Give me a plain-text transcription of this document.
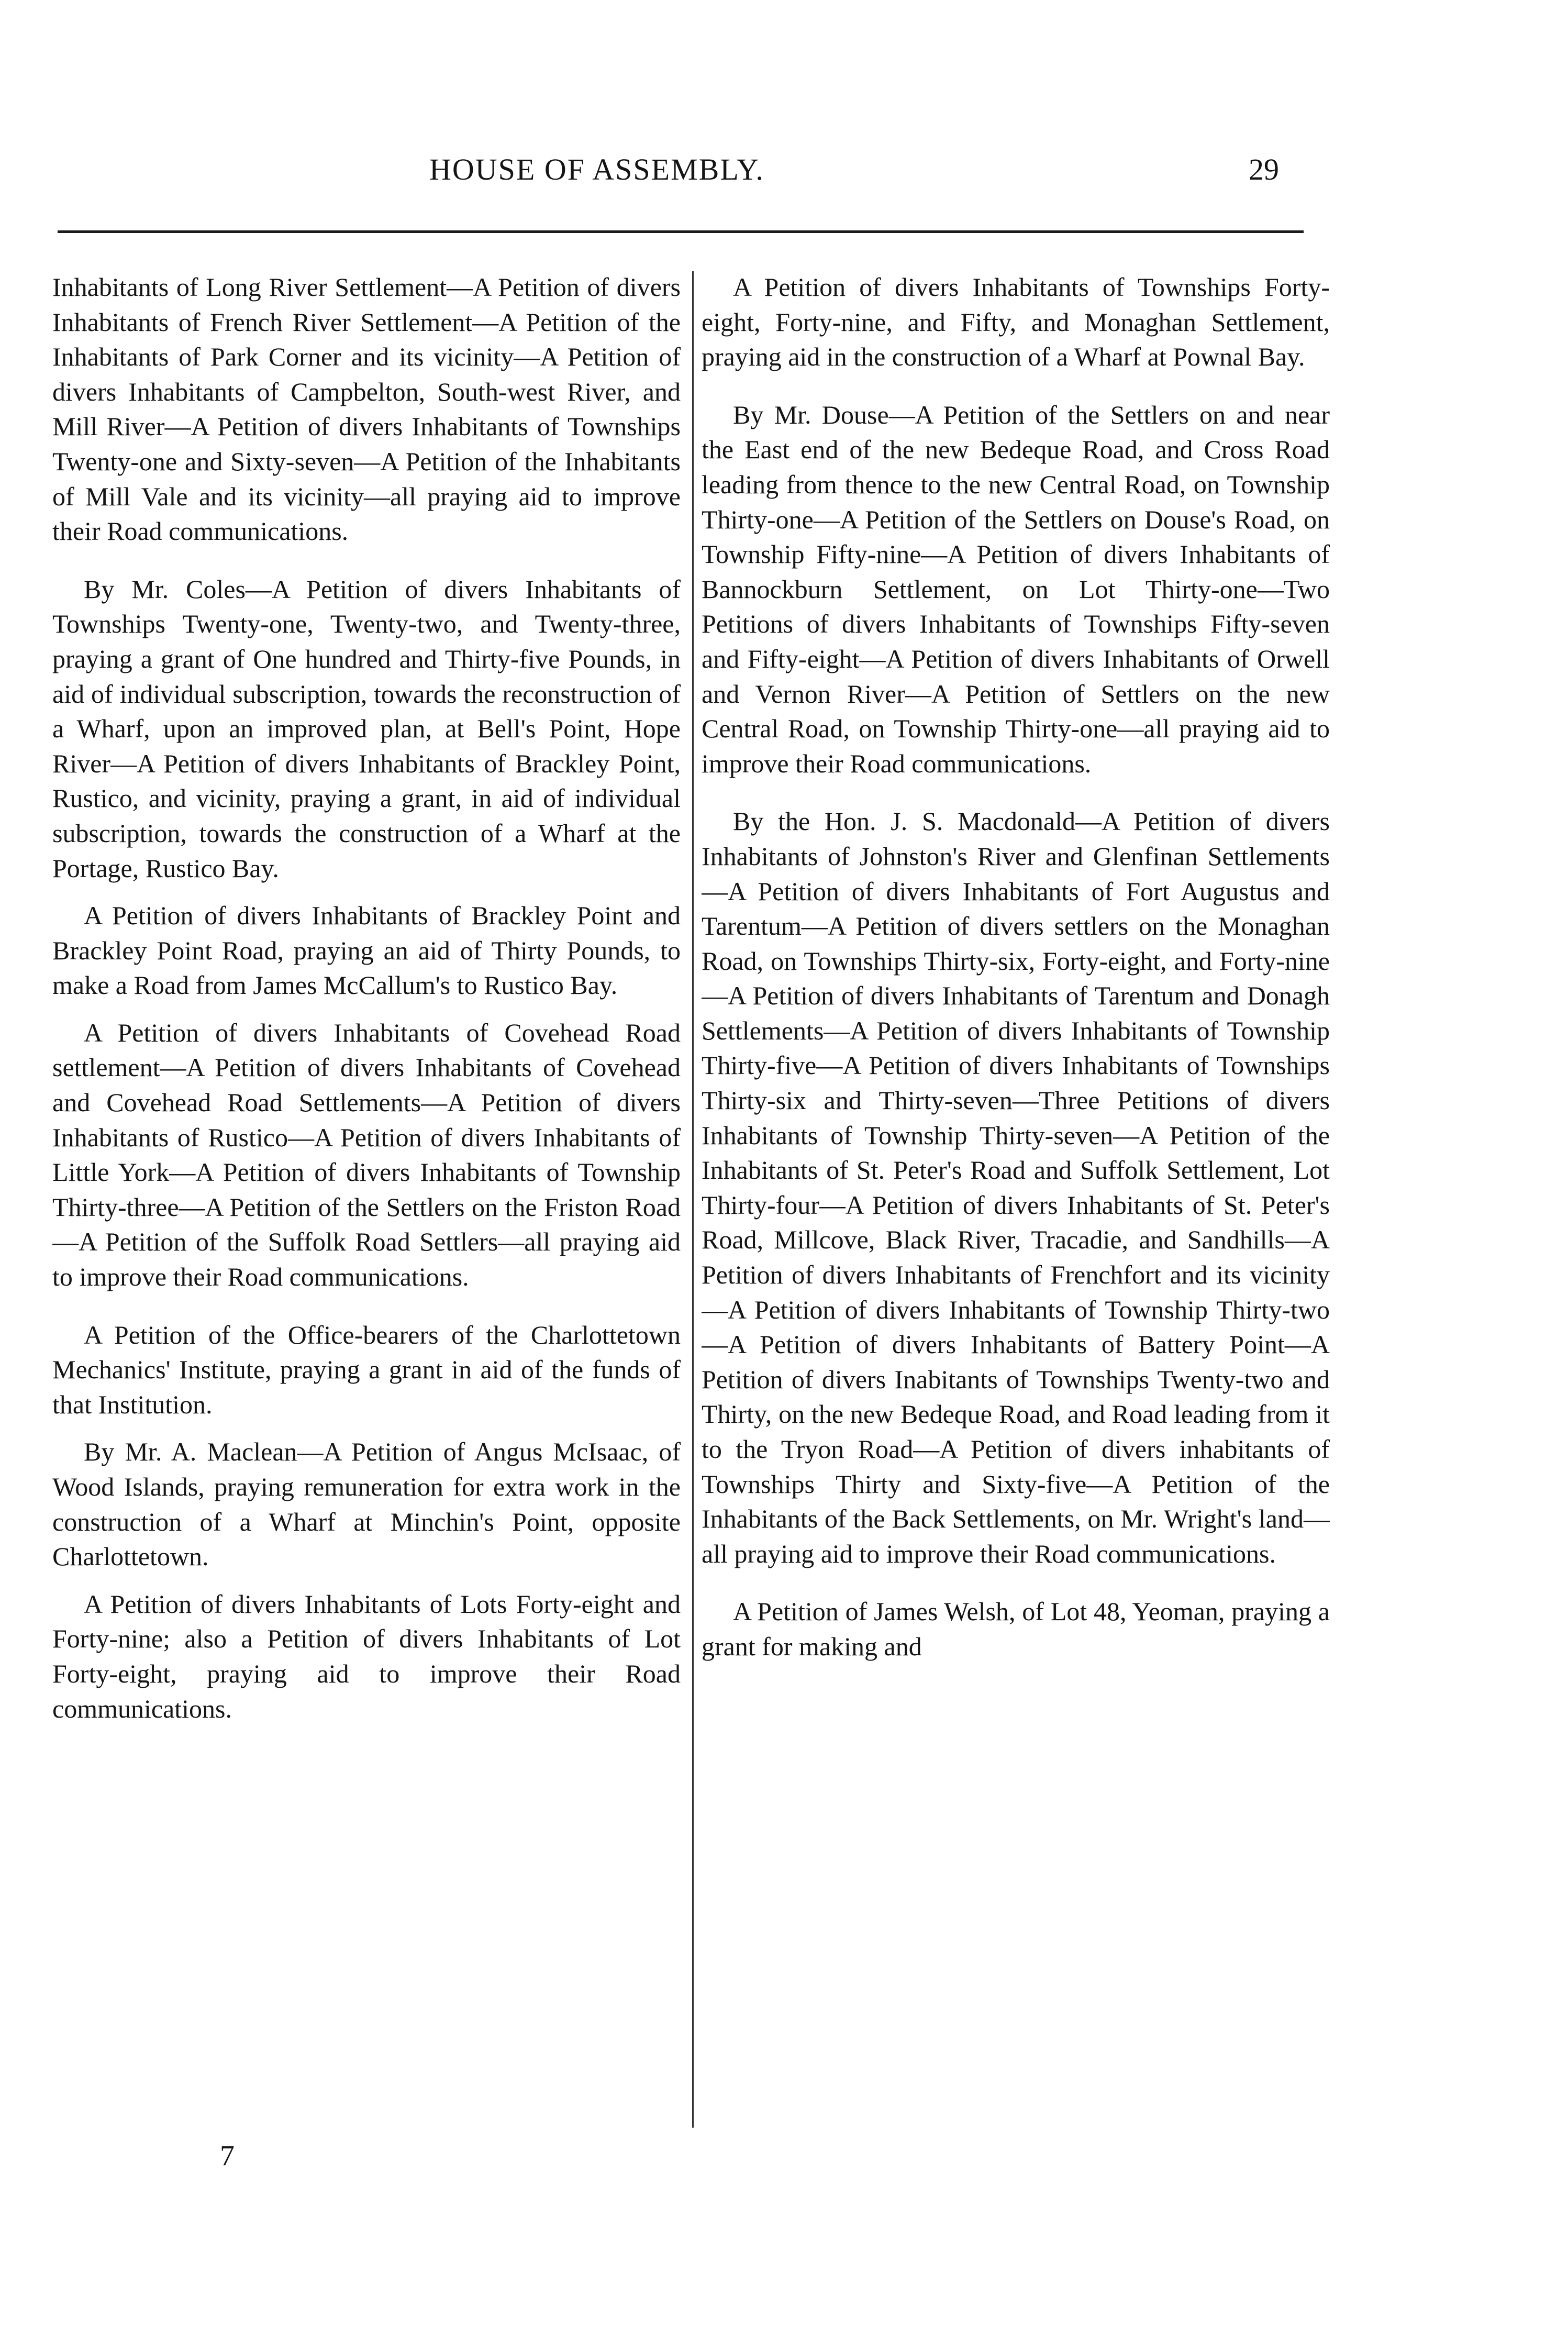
HOUSE OF ASSEMBLY.	29

Inhabitants of Long River Settlement—A Petition of divers Inhabitants of French River Settlement—A Petition of the Inhabitants of Park Corner and its vicinity—A Petition of divers Inhabitants of Campbelton, South-west River, and Mill River—A Petition of divers Inhabitants of Townships Twenty-one and Sixty-seven—A Petition of the Inhabitants of Mill Vale and its vicinity—all praying aid to improve their Road communications.

By Mr. Coles—A Petition of divers Inhabitants of Townships Twenty-one, Twenty-two, and Twenty-three, praying a grant of One hundred and Thirty-five Pounds, in aid of individual subscription, towards the reconstruction of a Wharf, upon an improved plan, at Bell's Point, Hope River—A Petition of divers Inhabitants of Brackley Point, Rustico, and vicinity, praying a grant, in aid of individual subscription, towards the construction of a Wharf at the Portage, Rustico Bay.

A Petition of divers Inhabitants of Brackley Point and Brackley Point Road, praying an aid of Thirty Pounds, to make a Road from James McCallum's to Rustico Bay.

A Petition of divers Inhabitants of Covehead Road settlement—A Petition of divers Inhabitants of Covehead and Covehead Road Settlements—A Petition of divers Inhabitants of Rustico—A Petition of divers Inhabitants of Little York—A Petition of divers Inhabitants of Township Thirty-three—A Petition of the Settlers on the Friston Road—A Petition of the Suffolk Road Settlers—all praying aid to improve their Road communications.

A Petition of the Office-bearers of the Charlottetown Mechanics' Institute, praying a grant in aid of the funds of that Institution.

By Mr. A. Maclean—A Petition of Angus McIsaac, of Wood Islands, praying remuneration for extra work in the construction of a Wharf at Minchin's Point, opposite Charlottetown.

A Petition of divers Inhabitants of Lots Forty-eight and Forty-nine; also a Petition of divers Inhabitants of Lot Forty-eight, praying aid to improve their Road communications.

A Petition of divers Inhabitants of Townships Forty-eight, Forty-nine, and Fifty, and Monaghan Settlement, praying aid in the construction of a Wharf at Pownal Bay.

By Mr. Douse—A Petition of the Settlers on and near the East end of the new Bedeque Road, and Cross Road leading from thence to the new Central Road, on Township Thirty-one—A Petition of the Settlers on Douse's Road, on Township Fifty-nine—A Petition of divers Inhabitants of Bannockburn Settlement, on Lot Thirty-one—Two Petitions of divers Inhabitants of Townships Fifty-seven and Fifty-eight—A Petition of divers Inhabitants of Orwell and Vernon River—A Petition of Settlers on the new Central Road, on Township Thirty-one—all praying aid to improve their Road communications.

By the Hon. J. S. Macdonald—A Petition of divers Inhabitants of Johnston's River and Glenfinan Settlements—A Petition of divers Inhabitants of Fort Augustus and Tarentum—A Petition of divers settlers on the Monaghan Road, on Townships Thirty-six, Forty-eight, and Forty-nine—A Petition of divers Inhabitants of Tarentum and Donagh Settlements—A Petition of divers Inhabitants of Township Thirty-five—A Petition of divers Inhabitants of Townships Thirty-six and Thirty-seven—Three Petitions of divers Inhabitants of Township Thirty-seven—A Petition of the Inhabitants of St. Peter's Road and Suffolk Settlement, Lot Thirty-four—A Petition of divers Inhabitants of St. Peter's Road, Millcove, Black River, Tracadie, and Sandhills—A Petition of divers Inhabitants of Frenchfort and its vicinity—A Petition of divers Inhabitants of Township Thirty-two—A Petition of divers Inhabitants of Battery Point—A Petition of divers Inabitants of Townships Twenty-two and Thirty, on the new Bedeque Road, and Road leading from it to the Tryon Road—A Petition of divers inhabitants of Townships Thirty and Sixty-five—A Petition of the Inhabitants of the Back Settlements, on Mr. Wright's land—all praying aid to improve their Road communications.

A Petition of James Welsh, of Lot 48, Yeoman, praying a grant for making and

7
